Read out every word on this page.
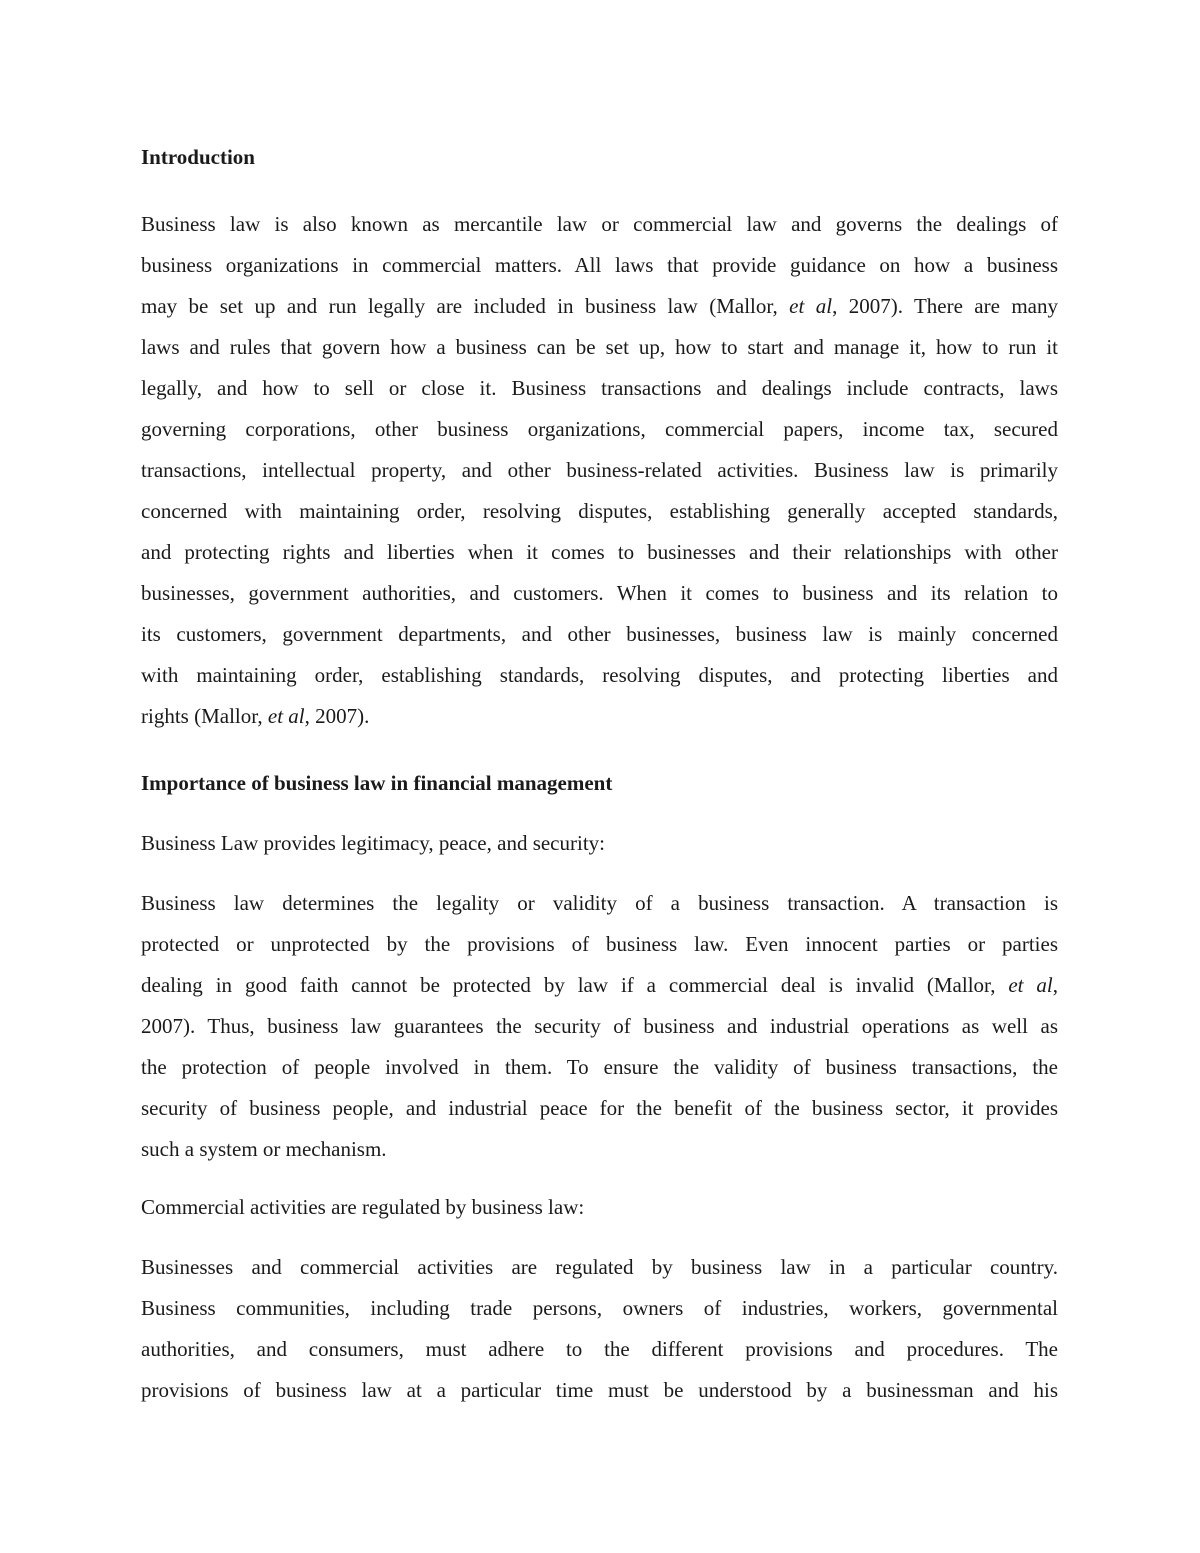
Introduction
Business law is also known as mercantile law or commercial law and governs the dealings of
business organizations in commercial matters. All laws that provide guidance on how a business
may be set up and run legally are included in business law (Mallor, et al, 2007). There are many
laws and rules that govern how a business can be set up, how to start and manage it, how to run it
legally, and how to sell or close it. Business transactions and dealings include contracts, laws
governing corporations, other business organizations, commercial papers, income tax, secured
transactions, intellectual property, and other business-related activities. Business law is primarily
concerned with maintaining order, resolving disputes, establishing generally accepted standards,
and protecting rights and liberties when it comes to businesses and their relationships with other
businesses, government authorities, and customers. When it comes to business and its relation to
its customers, government departments, and other businesses, business law is mainly concerned
with maintaining order, establishing standards, resolving disputes, and protecting liberties and
rights (Mallor, et al, 2007).
Importance of business law in financial management
Business Law provides legitimacy, peace, and security:
Business law determines the legality or validity of a business transaction. A transaction is
protected or unprotected by the provisions of business law. Even innocent parties or parties
dealing in good faith cannot be protected by law if a commercial deal is invalid (Mallor, et al,
2007). Thus, business law guarantees the security of business and industrial operations as well as
the protection of people involved in them. To ensure the validity of business transactions, the
security of business people, and industrial peace for the benefit of the business sector, it provides
such a system or mechanism.
Commercial activities are regulated by business law:
Businesses and commercial activities are regulated by business law in a particular country.
Business communities, including trade persons, owners of industries, workers, governmental
authorities, and consumers, must adhere to the different provisions and procedures. The
provisions of business law at a particular time must be understood by a businessman and his
